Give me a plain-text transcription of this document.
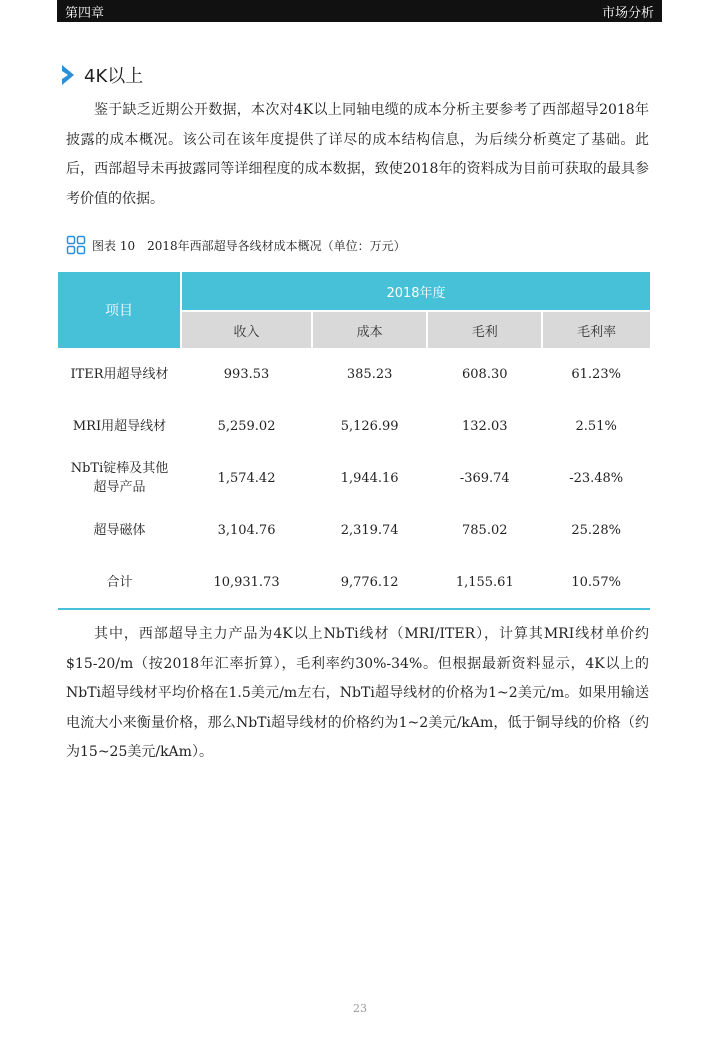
第四章	市场分析
4K以上

鉴于缺乏近期公开数据，本次对4K以上同轴电缆的成本分析主要参考了西部超导2018年披露的成本概况。该公司在该年度提供了详尽的成本结构信息，为后续分析奠定了基础。此后，西部超导未再披露同等详细程度的成本数据，致使2018年的资料成为目前可获取的最具参考价值的依据。

图表 10　2018年西部超导各线材成本概况（单位：万元）
项目	2018年度			
	收入	成本	毛利	毛利率
ITER用超导线材	993.53	385.23	608.30	61.23%
MRI用超导线材	5,259.02	5,126.99	132.03	2.51%

NbTi锭棒及其他
超导产品	1,574.42	1,944.16	-369.74	-23.48%
超导磁体	3,104.76	2,319.74	785.02	25.28%
合计	10,931.73	9,776.12	1,155.61	10.57%

其中，西部超导主力产品为4K以上NbTi线材（MRI/ITER），计算其MRI线材单价约$15-20/m（按2018年汇率折算），毛利率约30%-34%。但根据最新资料显示，4K以上的NbTi超导线材平均价格在1.5美元/m左右，NbTi超导线材的价格为1~2美元/m。如果用输送电流大小来衡量价格，那么NbTi超导线材的价格约为1~2美元/kAm，低于铜导线的价格（约为15~25美元/kAm）。

23
